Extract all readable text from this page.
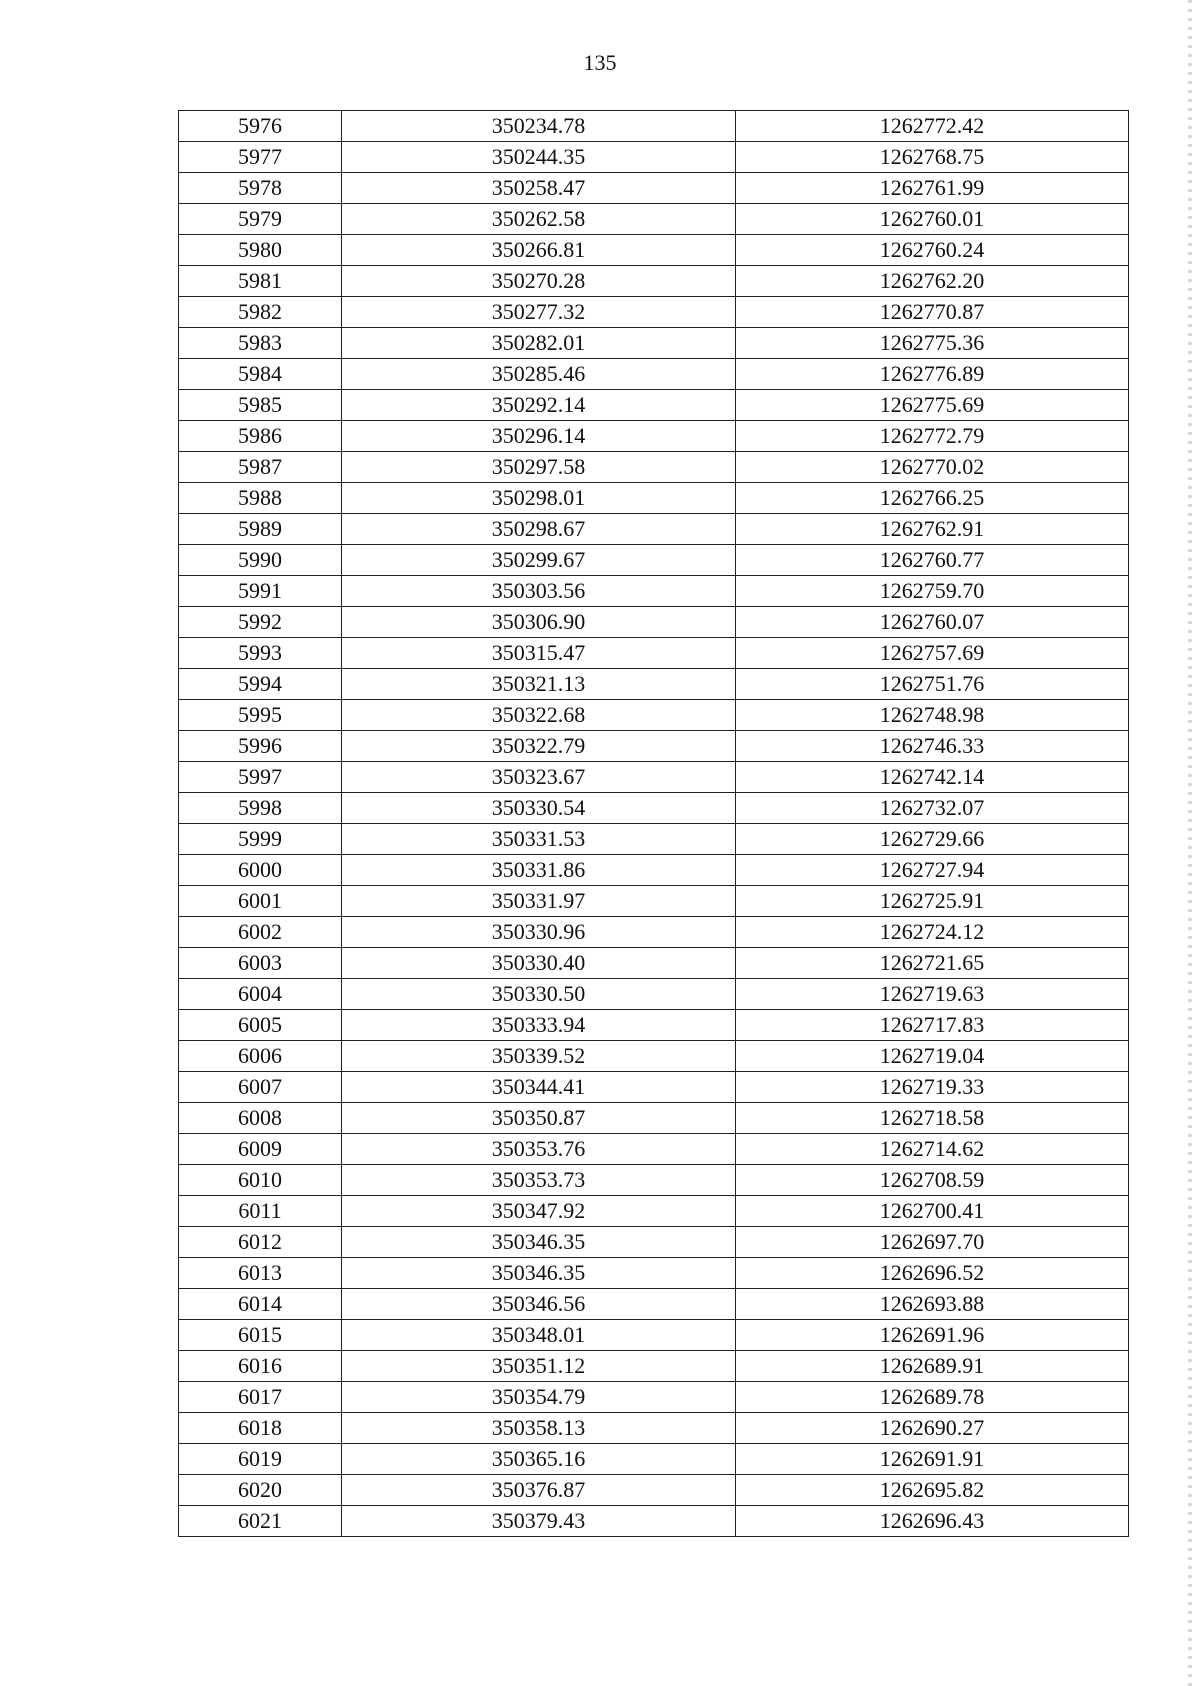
135
5976	350234.78	1262772.42
5977	350244.35	1262768.75
5978	350258.47	1262761.99
5979	350262.58	1262760.01
5980	350266.81	1262760.24
5981	350270.28	1262762.20
5982	350277.32	1262770.87
5983	350282.01	1262775.36
5984	350285.46	1262776.89
5985	350292.14	1262775.69
5986	350296.14	1262772.79
5987	350297.58	1262770.02
5988	350298.01	1262766.25
5989	350298.67	1262762.91
5990	350299.67	1262760.77
5991	350303.56	1262759.70
5992	350306.90	1262760.07
5993	350315.47	1262757.69
5994	350321.13	1262751.76
5995	350322.68	1262748.98
5996	350322.79	1262746.33
5997	350323.67	1262742.14
5998	350330.54	1262732.07
5999	350331.53	1262729.66
6000	350331.86	1262727.94
6001	350331.97	1262725.91
6002	350330.96	1262724.12
6003	350330.40	1262721.65
6004	350330.50	1262719.63
6005	350333.94	1262717.83
6006	350339.52	1262719.04
6007	350344.41	1262719.33
6008	350350.87	1262718.58
6009	350353.76	1262714.62
6010	350353.73	1262708.59
6011	350347.92	1262700.41
6012	350346.35	1262697.70
6013	350346.35	1262696.52
6014	350346.56	1262693.88
6015	350348.01	1262691.96
6016	350351.12	1262689.91
6017	350354.79	1262689.78
6018	350358.13	1262690.27
6019	350365.16	1262691.91
6020	350376.87	1262695.82
6021	350379.43	1262696.43
